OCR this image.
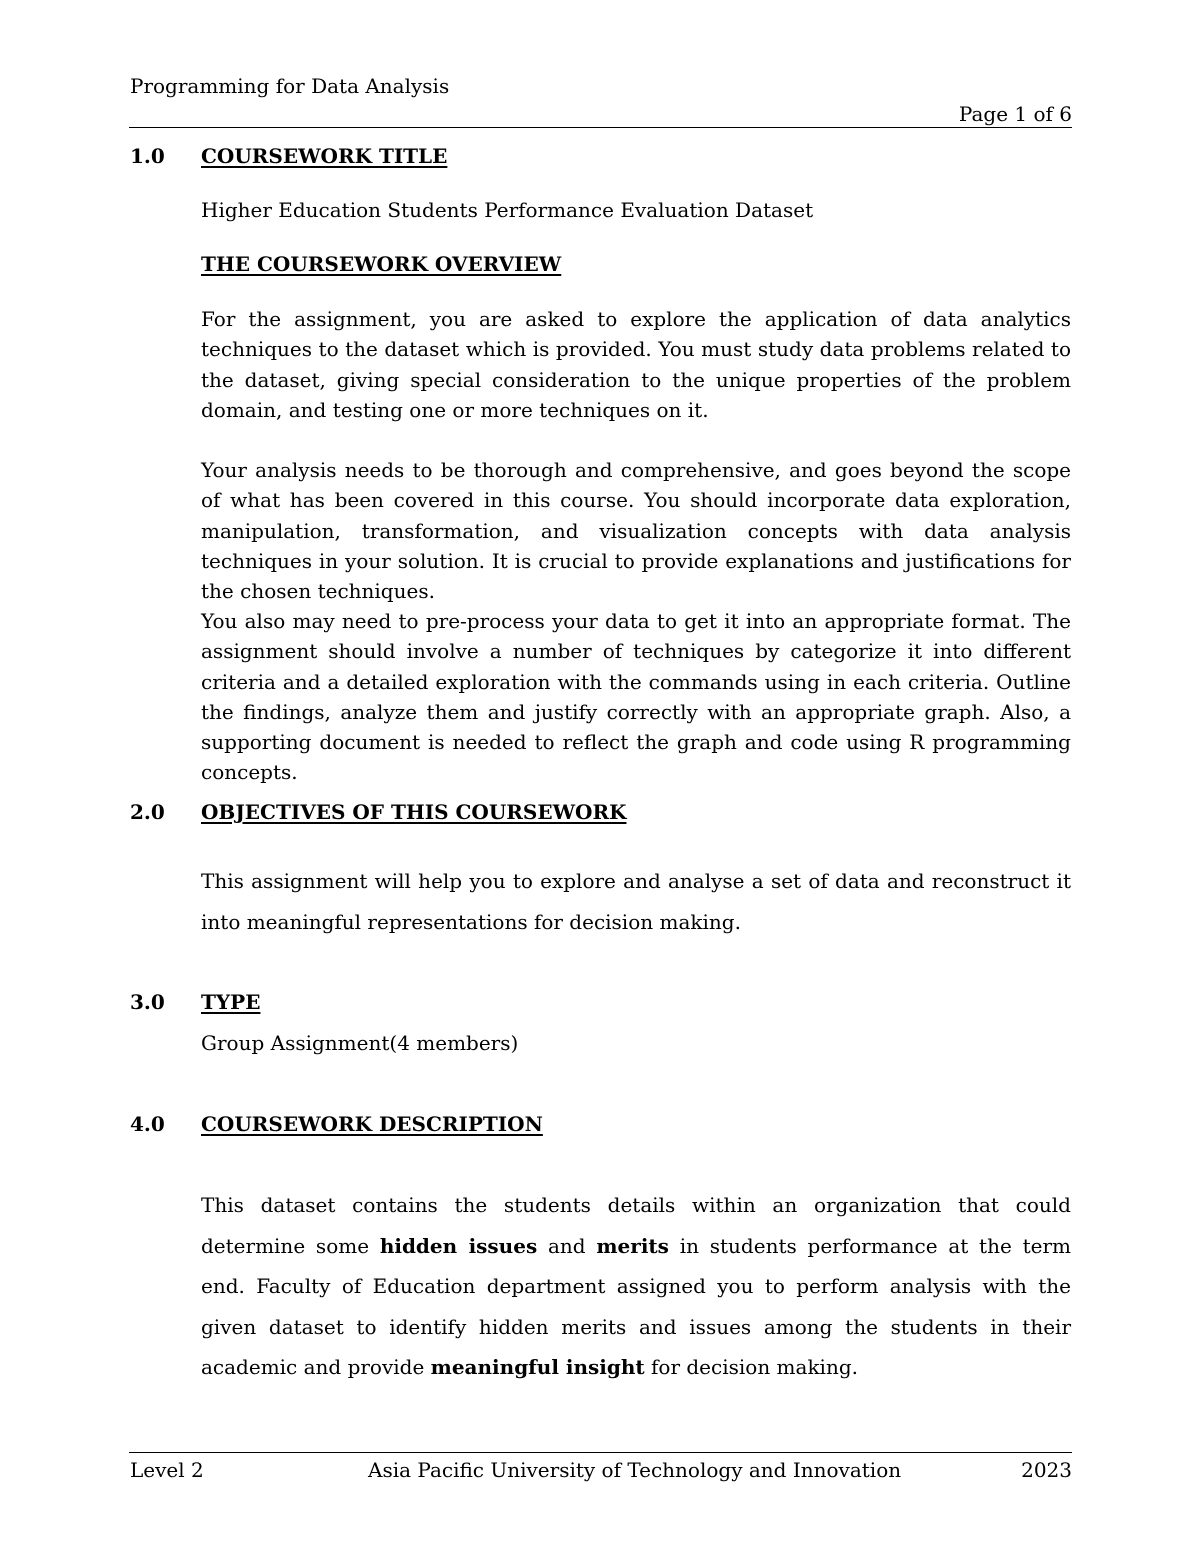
Programming for Data Analysis
Page 1 of 6
1.0 COURSEWORK TITLE
Higher Education Students Performance Evaluation Dataset
THE COURSEWORK OVERVIEW

For the assignment, you are asked to explore the application of data analytics techniques to the dataset which is provided. You must study data problems related to the dataset, giving special consideration to the unique properties of the problem domain, and testing one or more techniques on it.

Your analysis needs to be thorough and comprehensive, and goes beyond the scope of what has been covered in this course. You should incorporate data exploration, manipulation, transformation, and visualization concepts with data analysis techniques in your solution. It is crucial to provide explanations and justifications for the chosen techniques.

You also may need to pre-process your data to get it into an appropriate format. The assignment should involve a number of techniques by categorize it into different criteria and a detailed exploration with the commands using in each criteria. Outline the findings, analyze them and justify correctly with an appropriate graph. Also, a supporting document is needed to reflect the graph and code using R programming concepts.

2.0 OBJECTIVES OF THIS COURSEWORK

This assignment will help you to explore and analyse a set of data and reconstruct it into meaningful representations for decision making.

3.0 TYPE
Group Assignment(4 members)
4.0 COURSEWORK DESCRIPTION

This dataset contains the students details within an organization that could determine some hidden issues and merits in students performance at the term end. Faculty of Education department assigned you to perform analysis with the given dataset to identify hidden merits and issues among the students in their academic and provide meaningful insight for decision making.

Level 2	Asia Pacific University of Technology and Innovation	2023
